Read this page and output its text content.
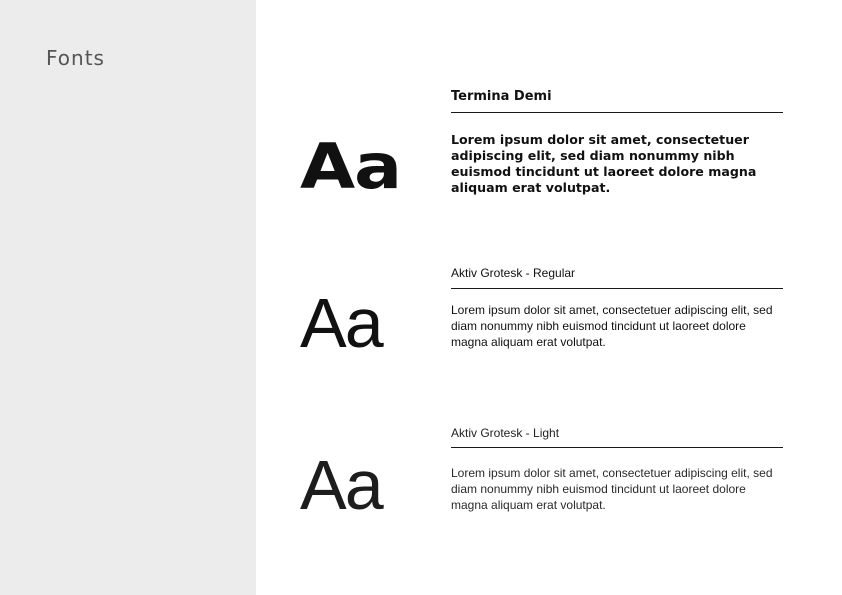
Fonts
Aa
Termina Demi
Lorem ipsum dolor sit amet, consectetuer adipiscing elit, sed diam nonummy nibh euismod tincidunt ut laoreet dolore magna aliquam erat volutpat.
Aa
Aktiv Grotesk - Regular
Lorem ipsum dolor sit amet, consectetuer adipiscing elit, sed diam nonummy nibh euismod tincidunt ut laoreet dolore magna aliquam erat volutpat.
Aa
Aktiv Grotesk - Light
Lorem ipsum dolor sit amet, consectetuer adipiscing elit, sed diam nonummy nibh euismod tincidunt ut laoreet dolore magna aliquam erat volutpat.
